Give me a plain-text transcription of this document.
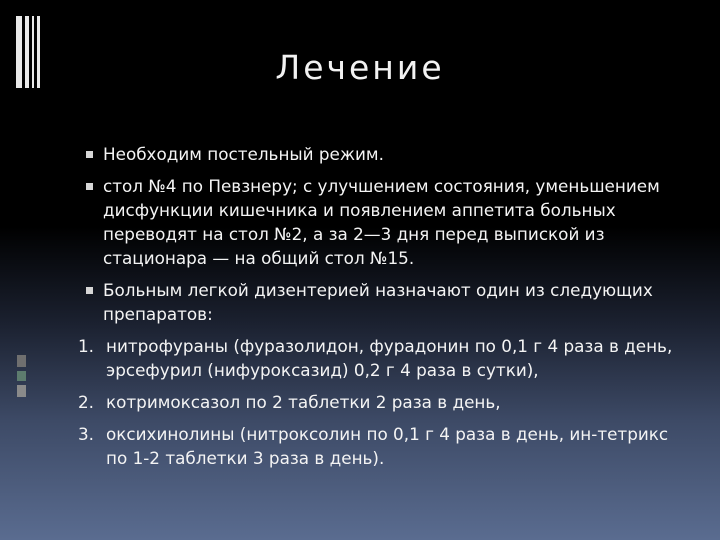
Лечение
Необходим постельный режим.
стол №4 по Певзнеру; с улучшением состояния, уменьшением дисфункции кишечника и появлением аппетита больных переводят на стол №2, а за 2—3 дня перед выпиской из стационара — на общий стол №15.
Больным легкой дизентерией назначают один из следующих препаратов:
1. нитрофураны (фуразолидон, фурадонин по 0,1 г 4 раза в день, эрсефурил (нифуроксазид) 0,2 г 4 раза в сутки),
2. котримоксазол по 2 таблетки 2 раза в день,
3. оксихинолины (нитроксолин по 0,1 г 4 раза в день, ин-тетрикс по 1-2 таблетки 3 раза в день).
